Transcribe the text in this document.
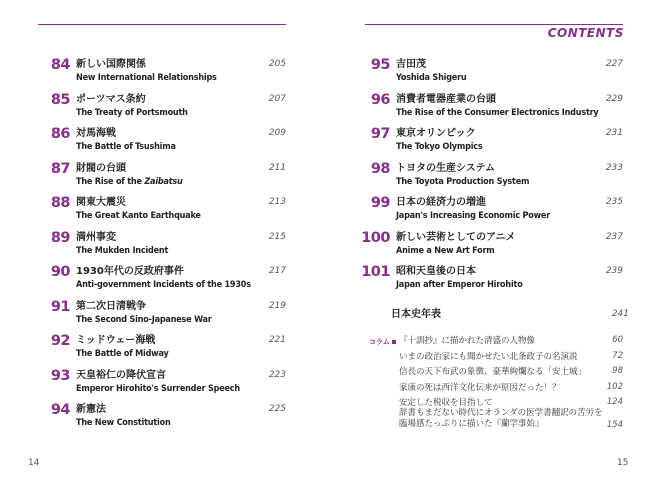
84 新しい国際関係
New International Relationships
205
85 ポーツマス条約
The Treaty of Portsmouth
207
86 対馬海戦
The Battle of Tsushima
209
87 財閥の台頭
The Rise of the Zaibatsu
211
88 関東大震災
The Great Kanto Earthquake
213
89 満州事変
The Mukden Incident
215
90 1930年代の反政府事件
Anti-government Incidents of the 1930s
217
91 第二次日清戦争
The Second Sino-Japanese War
219
92 ミッドウェー海戦
The Battle of Midway
221
93 天皇裕仁の降伏宣言
Emperor Hirohito's Surrender Speech
223
94 新憲法
The New Constitution
225
14
CONTENTS
95 吉田茂
Yoshida Shigeru
227
96 消費者電器産業の台頭
The Rise of the Consumer Electronics Industry
229
97 東京オリンピック
The Tokyo Olympics
231
98 トヨタの生産システム
The Toyota Production System
233
99 日本の経済力の増進
Japan's Increasing Economic Power
235
100 新しい芸術としてのアニメ
Anime a New Art Form
237
101 昭和天皇後の日本
Japan after Emperor Hirohito
239
日本史年表	241
コラム 『十訓抄』に描かれた清盛の人物像	60
いまの政治家にも聞かせたい北条政子の名演説	72
信長の天下布武の象徴、豪華絢爛なる「安土城」	98
家康の死は西洋文化伝来が原因だった！？	102
安定した税収を目指して	124
辞書もまだない時代にオランダの医学書翻訳の苦労を
臨場感たっぷりに描いた『蘭学事始』	154
15
